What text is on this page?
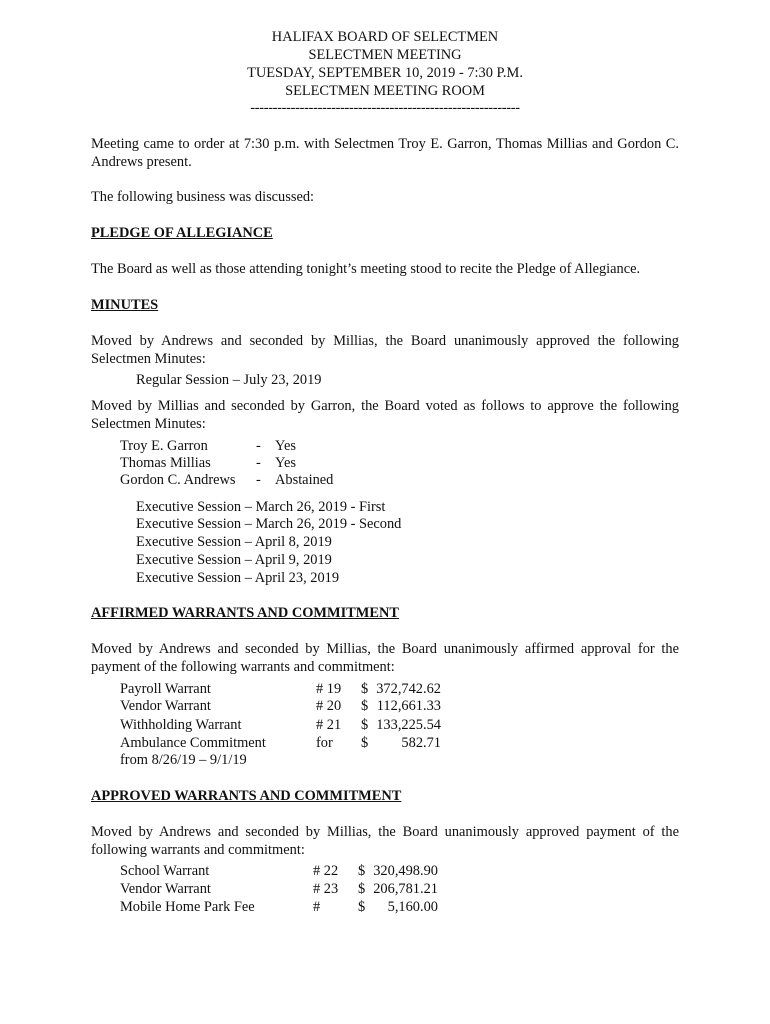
HALIFAX BOARD OF SELECTMEN
SELECTMEN MEETING
TUESDAY, SEPTEMBER 10, 2019 - 7:30 P.M.
SELECTMEN MEETING ROOM
------------------------------------------------------------
Meeting came to order at 7:30 p.m. with Selectmen Troy E. Garron, Thomas Millias and Gordon C. Andrews present.
The following business was discussed:
PLEDGE OF ALLEGIANCE
The Board as well as those attending tonight’s meeting stood to recite the Pledge of Allegiance.
MINUTES
Moved by Andrews and seconded by Millias, the Board unanimously approved the following Selectmen Minutes:
Regular Session – July 23, 2019
Moved by Millias and seconded by Garron, the Board voted as follows to approve the following Selectmen Minutes:
Troy E. Garron	- Yes
Thomas Millias	- Yes
Gordon C. Andrews - Abstained
Executive Session – March 26, 2019 - First
Executive Session – March 26, 2019 - Second
Executive Session – April 8, 2019
Executive Session – April 9, 2019
Executive Session – April 23, 2019
AFFIRMED WARRANTS AND COMMITMENT
Moved by Andrews and seconded by Millias, the Board unanimously affirmed approval for the payment of the following warrants and commitment:
Payroll Warrant	# 19 $ 372,742.62
Vendor Warrant	# 20 $ 112,661.33
Withholding Warrant	# 21 $ 133,225.54
Ambulance Commitment	for $	582.71
from 8/26/19 – 9/1/19
APPROVED WARRANTS AND COMMITMENT
Moved by Andrews and seconded by Millias, the Board unanimously approved payment of the following warrants and commitment:
School Warrant	# 22 $ 320,498.90
Vendor Warrant	# 23 $ 206,781.21
Mobile Home Park Fee	#	$	5,160.00
